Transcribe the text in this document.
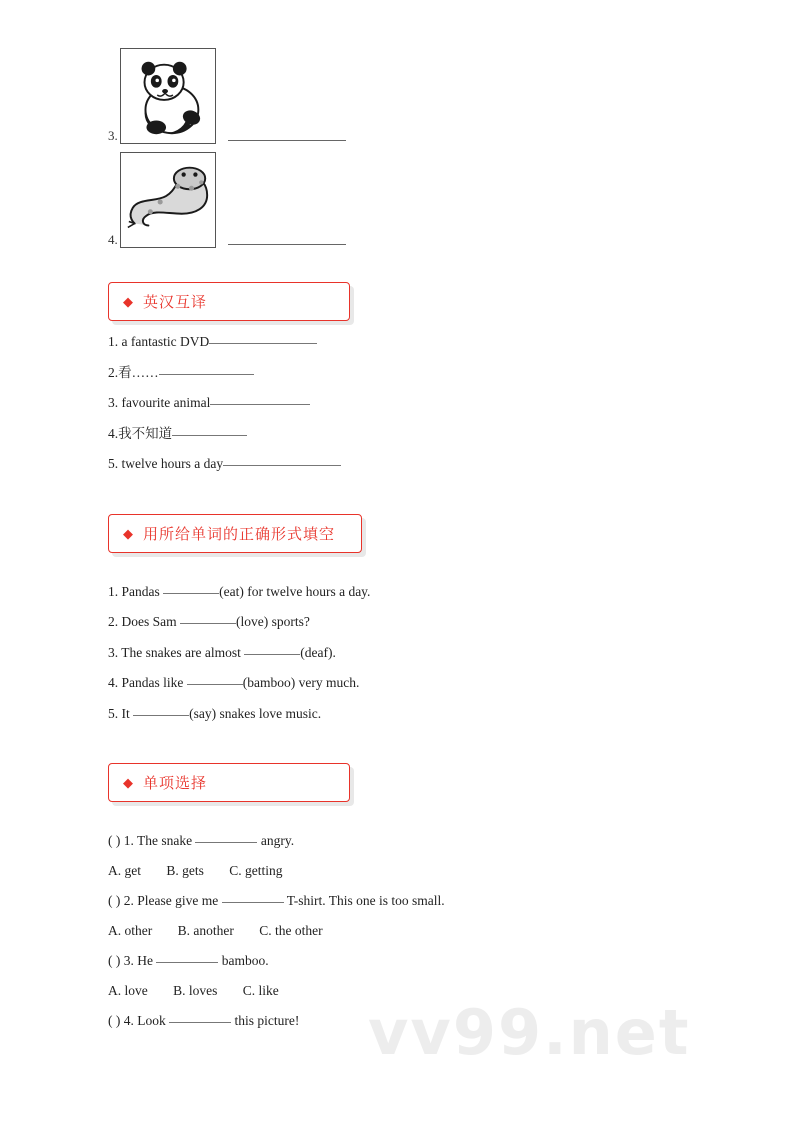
3.
4.
◆ 英汉互译

1. a fantastic DVD

2.看……

3. favourite animal

4.我不知道

5. twelve hours a day

◆ 用所给单词的正确形式填空

1. Pandas	(eat) for twelve hours a day.

2. Does Sam	(love) sports?

3. The snakes are almost	(deaf).

4. Pandas like	(bamboo) very much.

5. It	(say) snakes love music.

◆ 单项选择

( ) 1. The snake	angry.

A. get B. gets C. getting

( ) 2. Please give me	T-shirt. This one is too small.

A. other B. another C. the other

( ) 3. He	bamboo.

A. love B. loves C. like

( ) 4. Look	this picture!	vv99.net
